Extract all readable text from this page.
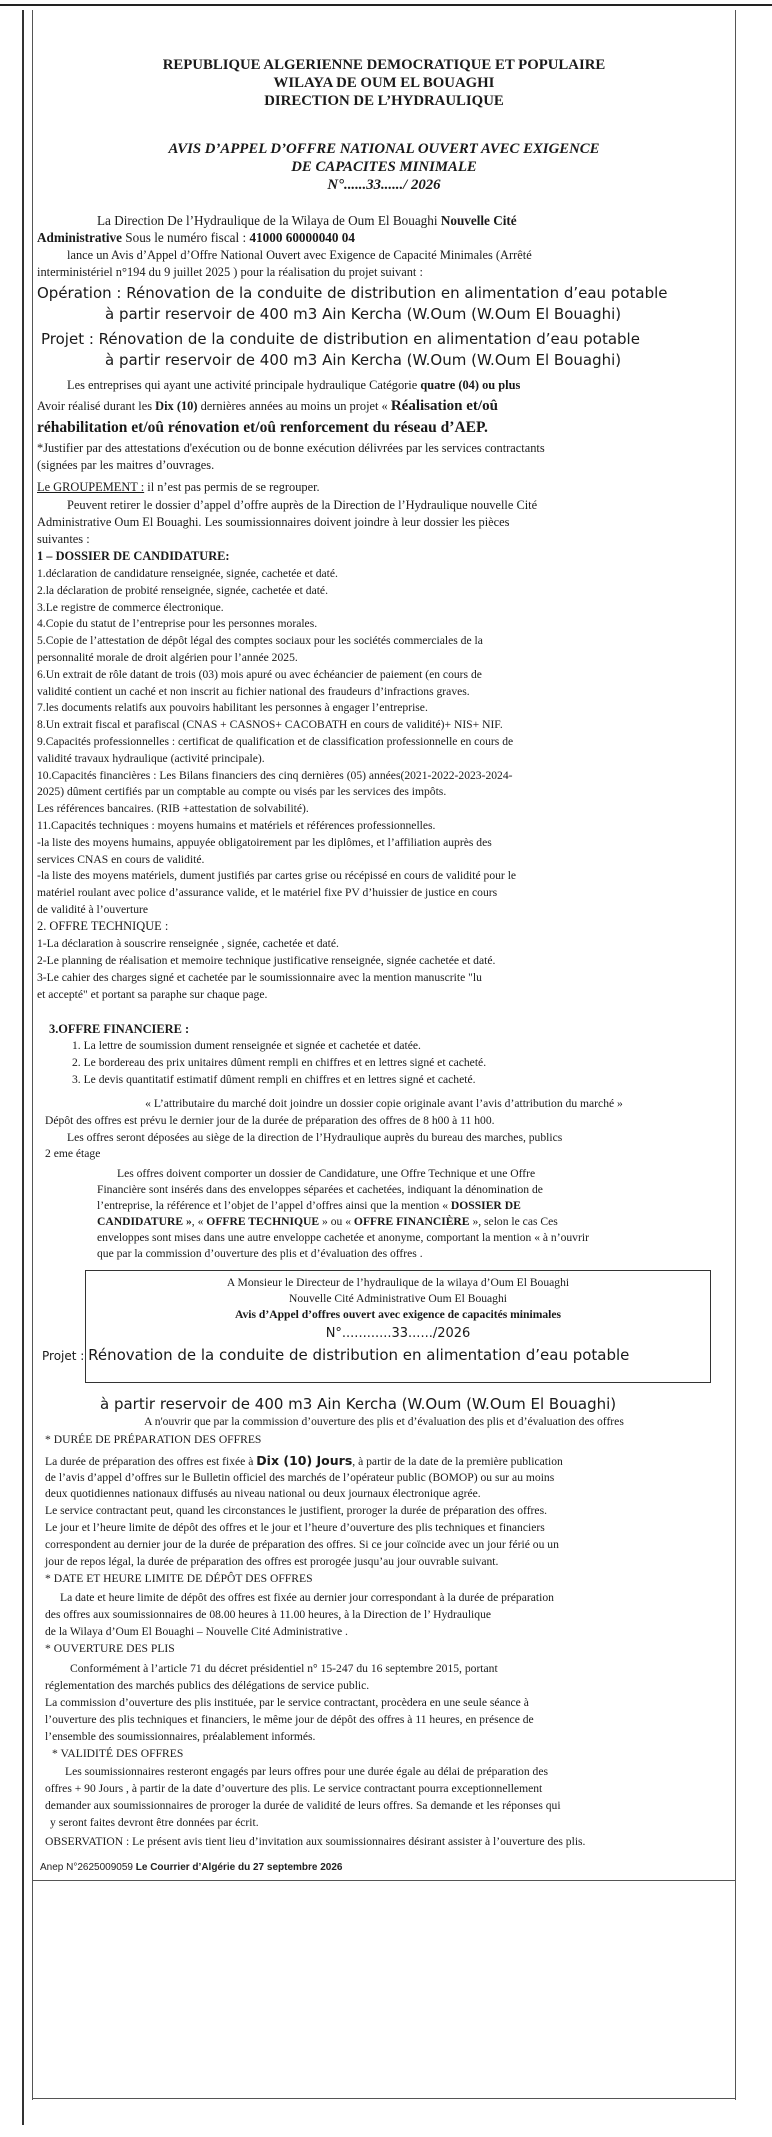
REPUBLIQUE ALGERIENNE DEMOCRATIQUE ET POPULAIRE
WILAYA DE OUM EL BOUAGHI
DIRECTION DE L’HYDRAULIQUE
AVIS D’APPEL D’OFFRE NATIONAL OUVERT AVEC EXIGENCE
DE CAPACITES MINIMALE
N°......33....../ 2026
La Direction De l’Hydraulique de la Wilaya de Oum El Bouaghi Nouvelle Cité
Administrative Sous le numéro fiscal : 41000 60000040 04
lance un Avis d’Appel d’Offre National Ouvert avec Exigence de Capacité Minimales (Arrêté
interministériel n°194 du 9 juillet 2025 ) pour la réalisation du projet suivant :
Opération : Rénovation de la conduite de distribution en alimentation d’eau potable
à partir reservoir de 400 m3 Ain Kercha (W.Oum (W.Oum El Bouaghi)
Projet : Rénovation de la conduite de distribution en alimentation d’eau potable
à partir reservoir de 400 m3 Ain Kercha (W.Oum (W.Oum El Bouaghi)
Les entreprises qui ayant une activité principale hydraulique Catégorie quatre (04) ou plus
Avoir réalisé durant les Dix (10) dernières années au moins un projet « Réalisation et/oû
réhabilitation et/oû rénovation et/oû renforcement du réseau d’AEP.
*Justifier par des attestations d'exécution ou de bonne exécution délivrées par les services contractants
(signées par les maitres d’ouvrages.
Le GROUPEMENT : il n’est pas permis de se regrouper.
Peuvent retirer le dossier d’appel d’offre auprès de la Direction de l’Hydraulique nouvelle Cité
Administrative Oum El Bouaghi. Les soumissionnaires doivent joindre à leur dossier les pièces
suivantes :
1 – DOSSIER DE CANDIDATURE:
1.déclaration de candidature renseignée, signée, cachetée et daté.
2.la déclaration de probité renseignée, signée, cachetée et daté.
3.Le registre de commerce électronique.
4.Copie du statut de l’entreprise pour les personnes morales.
5.Copie de l’attestation de dépôt légal des comptes sociaux pour les sociétés commerciales de la
personnalité morale de droit algérien pour l’année 2025.
6.Un extrait de rôle datant de trois (03) mois apuré ou avec échéancier de paiement (en cours de
validité contient un caché et non inscrit au fichier national des fraudeurs d’infractions graves.
7.les documents relatifs aux pouvoirs habilitant les personnes à engager l’entreprise.
8.Un extrait fiscal et parafiscal (CNAS + CASNOS+ CACOBATH en cours de validité)+ NIS+ NIF.
9.Capacités professionnelles : certificat de qualification et de classification professionnelle en cours de
validité travaux hydraulique (activité principale).
10.Capacités financières : Les Bilans financiers des cinq dernières (05) années(2021-2022-2023-2024-
2025) dûment certifiés par un comptable au compte ou visés par les services des impôts.
Les références bancaires. (RIB +attestation de solvabilité).
11.Capacités techniques : moyens humains et matériels et références professionnelles.
-la liste des moyens humains, appuyée obligatoirement par les diplômes, et l’affiliation auprès des
services CNAS en cours de validité.
-la liste des moyens matériels, dument justifiés par cartes grise ou récépissé en cours de validité pour le
matériel roulant avec police d’assurance valide, et le matériel fixe PV d’huissier de justice en cours
de validité à l’ouverture
2. OFFRE TECHNIQUE :
1-La déclaration à souscrire renseignée , signée, cachetée et daté.
2-Le planning de réalisation et memoire technique justificative renseignée, signée cachetée et daté.
3-Le cahier des charges signé et cachetée par le soumissionnaire avec la mention manuscrite "lu
et accepté" et portant sa paraphe sur chaque page.
3.OFFRE FINANCIERE :
1. La lettre de soumission dument renseignée et signée et cachetée et datée.
2. Le bordereau des prix unitaires dûment rempli en chiffres et en lettres signé et cacheté.
3. Le devis quantitatif estimatif dûment rempli en chiffres et en lettres signé et cacheté.
« L’attributaire du marché doit joindre un dossier copie originale avant l’avis d’attribution du marché »
Dépôt des offres est prévu le dernier jour de la durée de préparation des offres de 8 h00 à 11 h00.
Les offres seront déposées au siège de la direction de l’Hydraulique auprès du bureau des marches, publics
2 eme étage
Les offres doivent comporter un dossier de Candidature, une Offre Technique et une Offre
Financière sont insérés dans des enveloppes séparées et cachetées, indiquant la dénomination de
l’entreprise, la référence et l’objet de l’appel d’offres ainsi que la mention « DOSSIER DE
CANDIDATURE », « OFFRE TECHNIQUE » ou « OFFRE FINANCIÈRE », selon le cas Ces
enveloppes sont mises dans une autre enveloppe cachetée et anonyme, comportant la mention « à n’ouvrir
que par la commission d’ouverture des plis et d’évaluation des offres .
A Monsieur le Directeur de l’hydraulique de la wilaya d’Oum El Bouaghi
Nouvelle Cité Administrative Oum El Bouaghi
Avis d’Appel d’offres ouvert avec exigence de capacités minimales
N°............33....../2026
Projet : Rénovation de la conduite de distribution en alimentation d’eau potable
à partir reservoir de 400 m3 Ain Kercha (W.Oum (W.Oum El Bouaghi)
A n'ouvrir que par la commission d’ouverture des plis et d’évaluation des plis et d’évaluation des offres
* DURÉE DE PRÉPARATION DES OFFRES
La durée de préparation des offres est fixée à Dix (10) Jours, à partir de la date de la première publication
de l’avis d’appel d’offres sur le Bulletin officiel des marchés de l’opérateur public (BOMOP) ou sur au moins
deux quotidiennes nationaux diffusés au niveau national ou deux journaux électronique agrée.
Le service contractant peut, quand les circonstances le justifient, proroger la durée de préparation des offres.
Le jour et l’heure limite de dépôt des offres et le jour et l’heure d’ouverture des plis techniques et financiers
correspondent au dernier jour de la durée de préparation des offres. Si ce jour coïncide avec un jour férié ou un
jour de repos légal, la durée de préparation des offres est prorogée jusqu’au jour ouvrable suivant.
* DATE ET HEURE LIMITE DE DÉPÔT DES OFFRES
La date et heure limite de dépôt des offres est fixée au dernier jour correspondant à la durée de préparation
des offres aux soumissionnaires de 08.00 heures à 11.00 heures, à la Direction de l’ Hydraulique
de la Wilaya d’Oum El Bouaghi – Nouvelle Cité Administrative .
* OUVERTURE DES PLIS
Conformément à l’article 71 du décret présidentiel n° 15-247 du 16 septembre 2015, portant
réglementation des marchés publics des délégations de service public.
La commission d’ouverture des plis instituée, par le service contractant, procèdera en une seule séance à
l’ouverture des plis techniques et financiers, le même jour de dépôt des offres à 11 heures, en présence de
l’ensemble des soumissionnaires, préalablement informés.
* VALIDITÉ DES OFFRES
Les soumissionnaires resteront engagés par leurs offres pour une durée égale au délai de préparation des
offres + 90 Jours , à partir de la date d’ouverture des plis. Le service contractant pourra exceptionnellement
demander aux soumissionnaires de proroger la durée de validité de leurs offres. Sa demande et les réponses qui
y seront faites devront être données par écrit.
OBSERVATION : Le présent avis tient lieu d’invitation aux soumissionnaires désirant assister à l’ouverture des plis.
Anep N°2625009059 Le Courrier d’Algérie du 27 septembre 2026
